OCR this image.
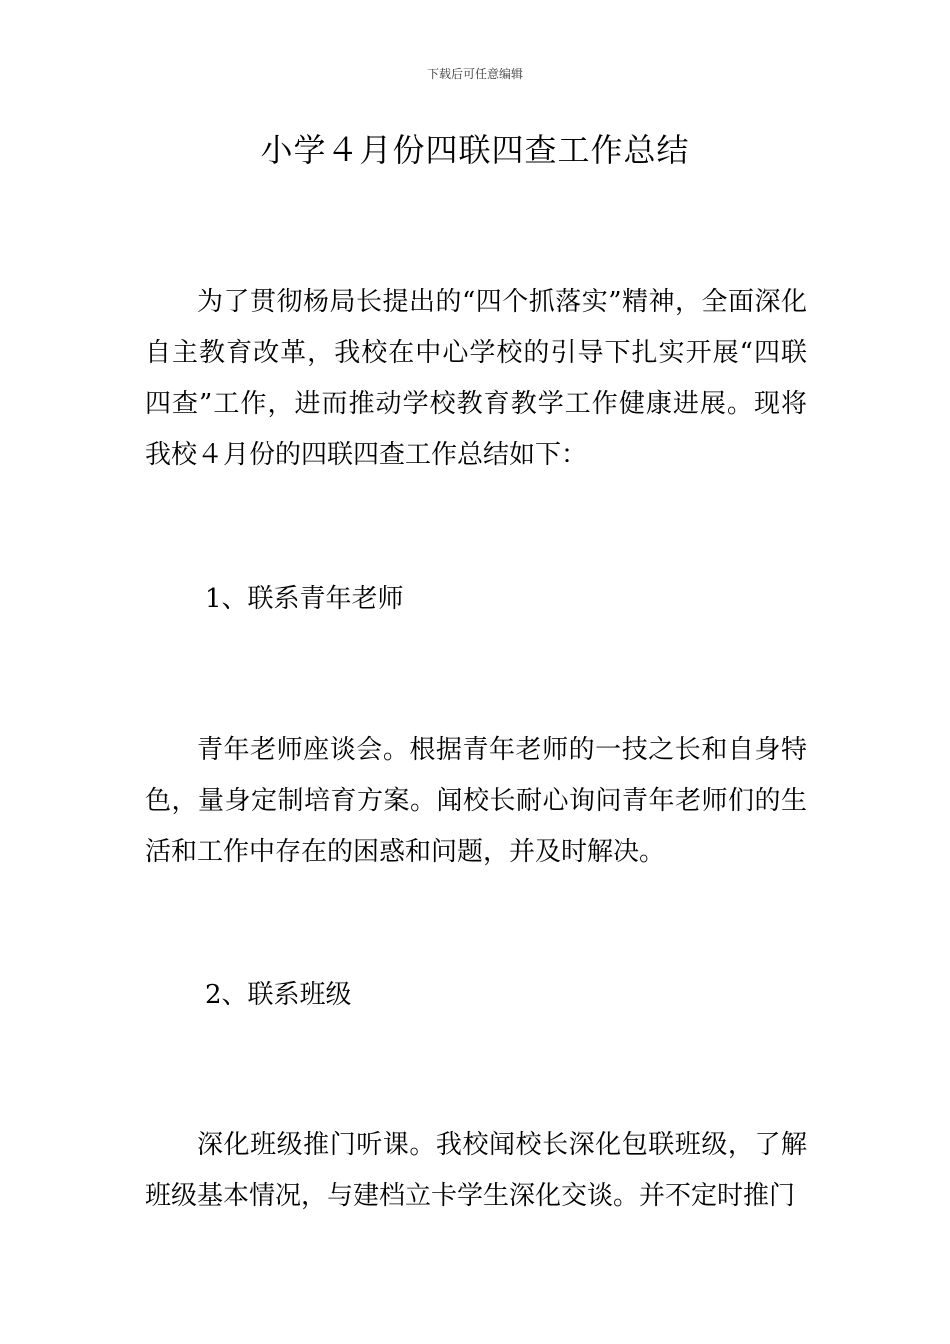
下载后可任意编辑
小学４月份四联四查工作总结

为了贯彻杨局长提出的“四个抓落实”精神，全面深化自主教育改革，我校在中心学校的引导下扎实开展“四联四查”工作，进而推动学校教育教学工作健康进展。现将我校４月份的四联四查工作总结如下：

1、联系青年老师

青年老师座谈会。根据青年老师的一技之长和自身特色，量身定制培育方案。闻校长耐心询问青年老师们的生活和工作中存在的困惑和问题，并及时解决。

2、联系班级

深化班级推门听课。我校闻校长深化包联班级，了解班级基本情况，与建档立卡学生深化交谈。并不定时推门
